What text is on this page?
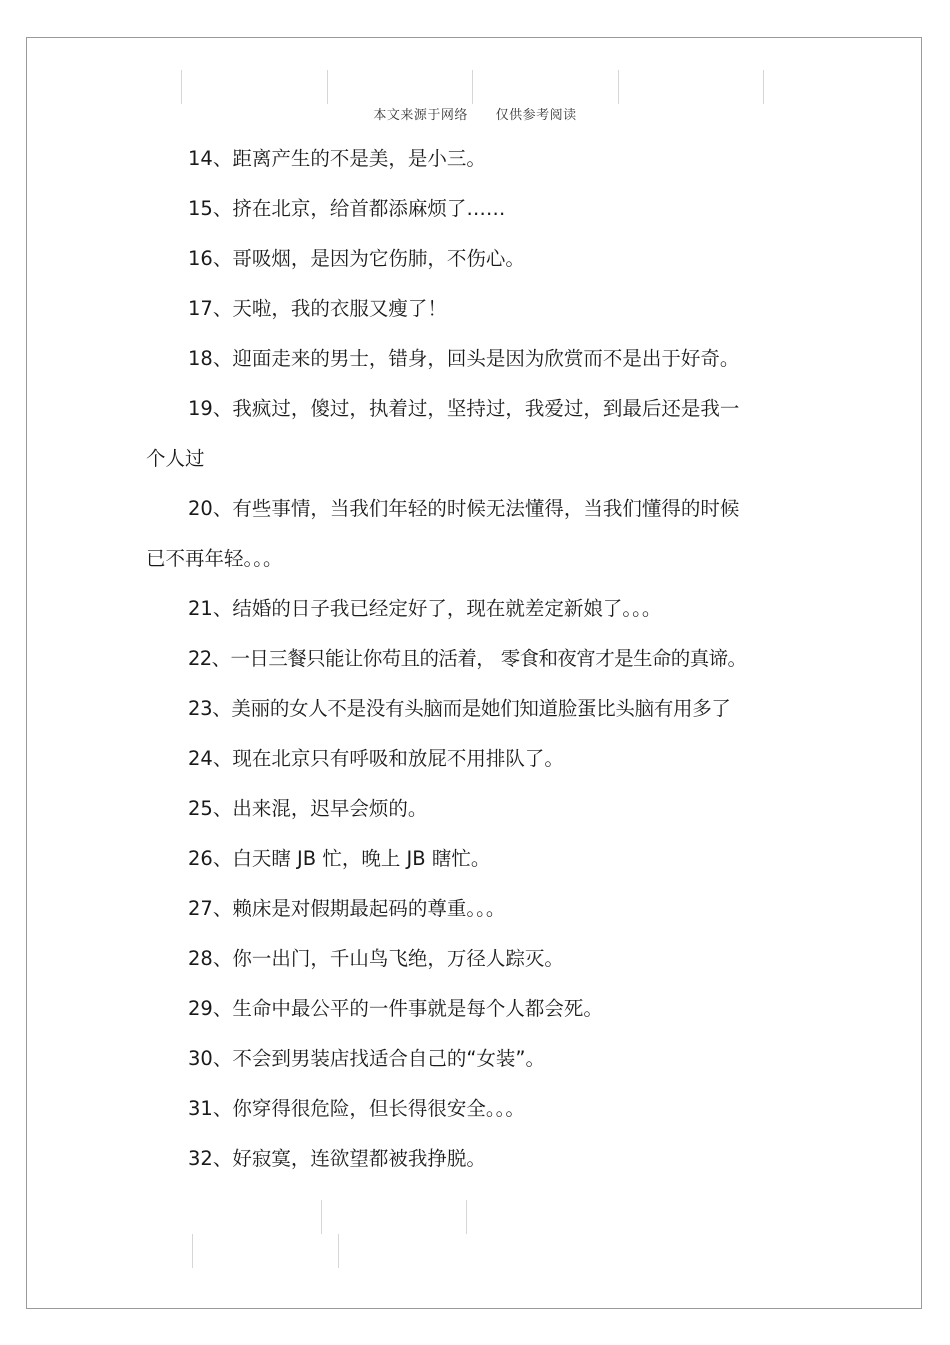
本文来源于网络      仅供参考阅读

14、距离产生的不是美，是小三。

15、挤在北京，给首都添麻烦了……

16、哥吸烟，是因为它伤肺，不伤心。

17、天啦，我的衣服又瘦了！

18、迎面走来的男士，错身，回头是因为欣赏而不是出于好奇。

19、我疯过，傻过，执着过，坚持过，我爱过，到最后还是我一
个人过
20、有些事情，当我们年轻的时候无法懂得，当我们懂得的时候
已不再年轻。。。

21、结婚的日子我已经定好了，现在就差定新娘了。。。

22、一日三餐只能让你苟且的活着， 零食和夜宵才是生命的真谛。

23、美丽的女人不是没有头脑而是她们知道脸蛋比头脑有用多了

24、现在北京只有呼吸和放屁不用排队了。

25、出来混，迟早会烦的。

26、白天瞎 JB 忙，晚上 JB 瞎忙。

27、赖床是对假期最起码的尊重。。。

28、你一出门，千山鸟飞绝，万径人踪灭。

29、生命中最公平的一件事就是每个人都会死。

30、不会到男装店找适合自己的“女装”。

31、你穿得很危险，但长得很安全。。。

32、好寂寞，连欲望都被我挣脱。
